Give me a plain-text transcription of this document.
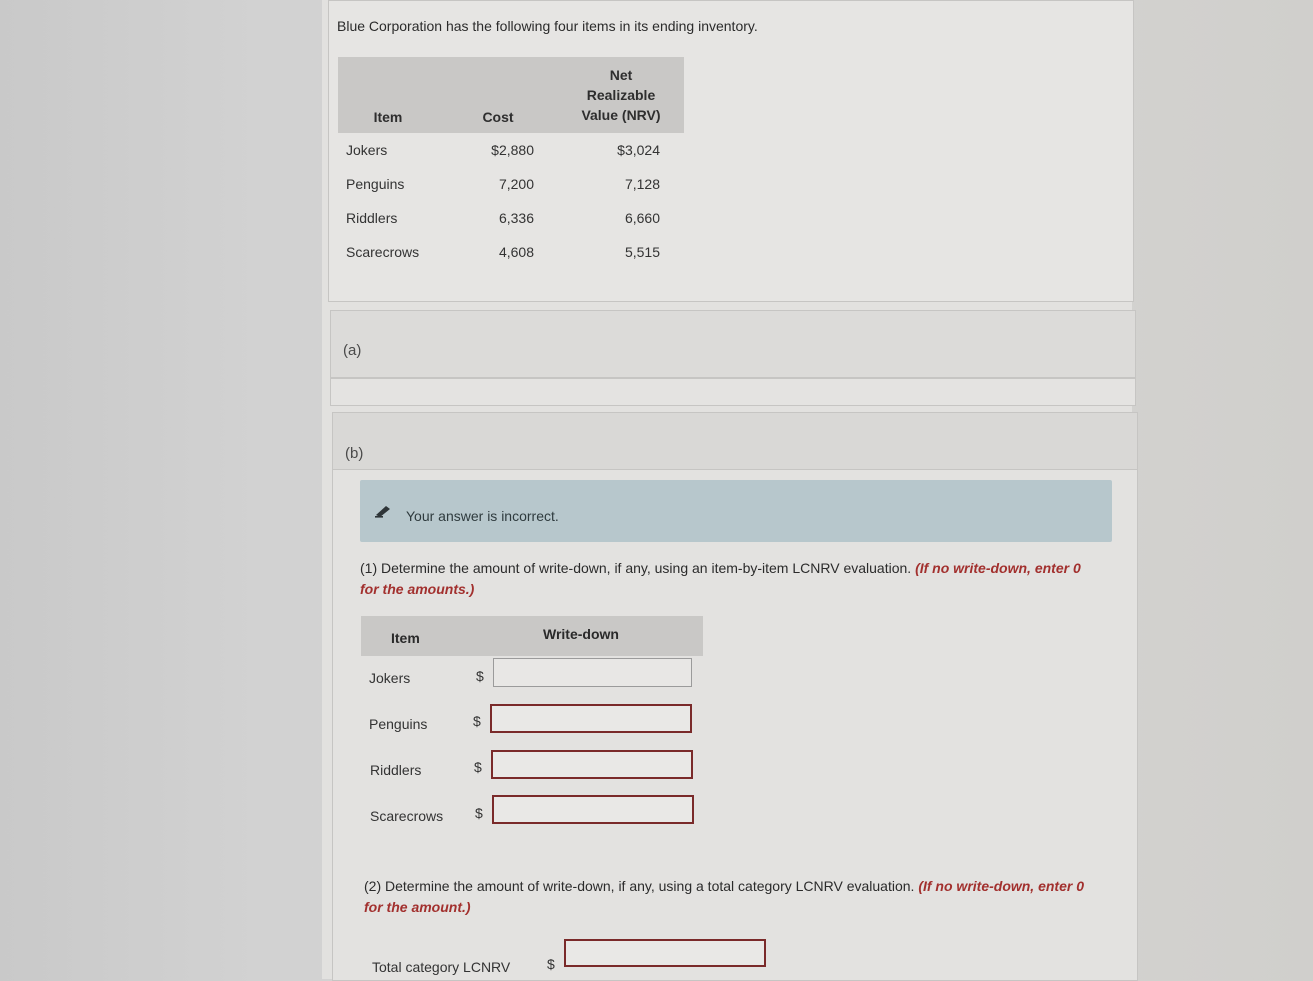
Blue Corporation has the following four items in its ending inventory.
Item	Cost	Net
Realizable
Value (NRV)
Jokers	$2,880	$3,024
Penguins	7,200	7,128
Riddlers	6,336	6,660
Scarecrows	4,608	5,515
(a)
(b)
Your answer is incorrect.
(1) Determine the amount of write-down, if any, using an item-by-item LCNRV evaluation. (If no write-down, enter 0 for the amounts.)
Item	Write-down
Jokers	$
Penguins	$
Riddlers	$
Scarecrows $
(2) Determine the amount of write-down, if any, using a total category LCNRV evaluation. (If no write-down, enter 0 for the amount.)
Total category LCNRV	$
